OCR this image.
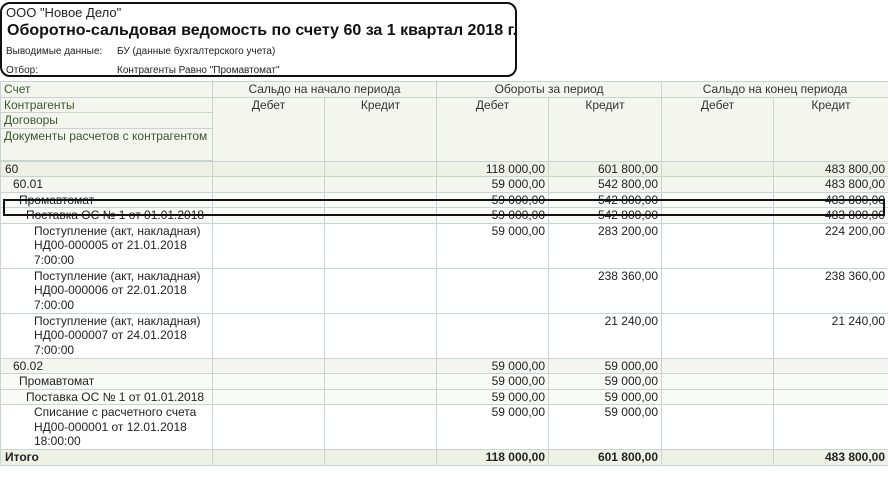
ООО "Новое Дело"
Оборотно-сальдовая ведомость по счету 60 за 1 квартал 2018 г.
Выводимые данные: БУ (данные бухгалтерского учета)
Отбор:	Контрагенты Равно "Промавтомат"
Счет	Сальдо на начало периода		Обороты за период		Сальдо на конец периода	
Контрагенты	Дебет	Кредит	Дебет	Кредит	Дебет	Кредит
Договоры						
Документы расчетов с контрагентом						

60			118 000,00	601 800,00		483 800,00
60.01			59 000,00	542 800,00		483 800,00
Промавтомат			59 000,00	542 800,00		483 800,00
Поставка ОС № 1 от 01.01.2018			59 000,00	542 800,00		483 800,00
Поступление (акт, накладная) НД00-000005 от 21.01.2018 7:00:00			59 000,00	283 200,00		224 200,00
Поступление (акт, накладная) НД00-000006 от 22.01.2018 7:00:00				238 360,00		238 360,00
Поступление (акт, накладная) НД00-000007 от 24.01.2018 7:00:00				21 240,00		21 240,00
60.02			59 000,00	59 000,00		
Промавтомат			59 000,00	59 000,00		
Поставка ОС № 1 от 01.01.2018			59 000,00	59 000,00		
Списание с расчетного счета НД00-000001 от 12.01.2018 18:00:00			59 000,00	59 000,00		
Итого			118 000,00	601 800,00		483 800,00
